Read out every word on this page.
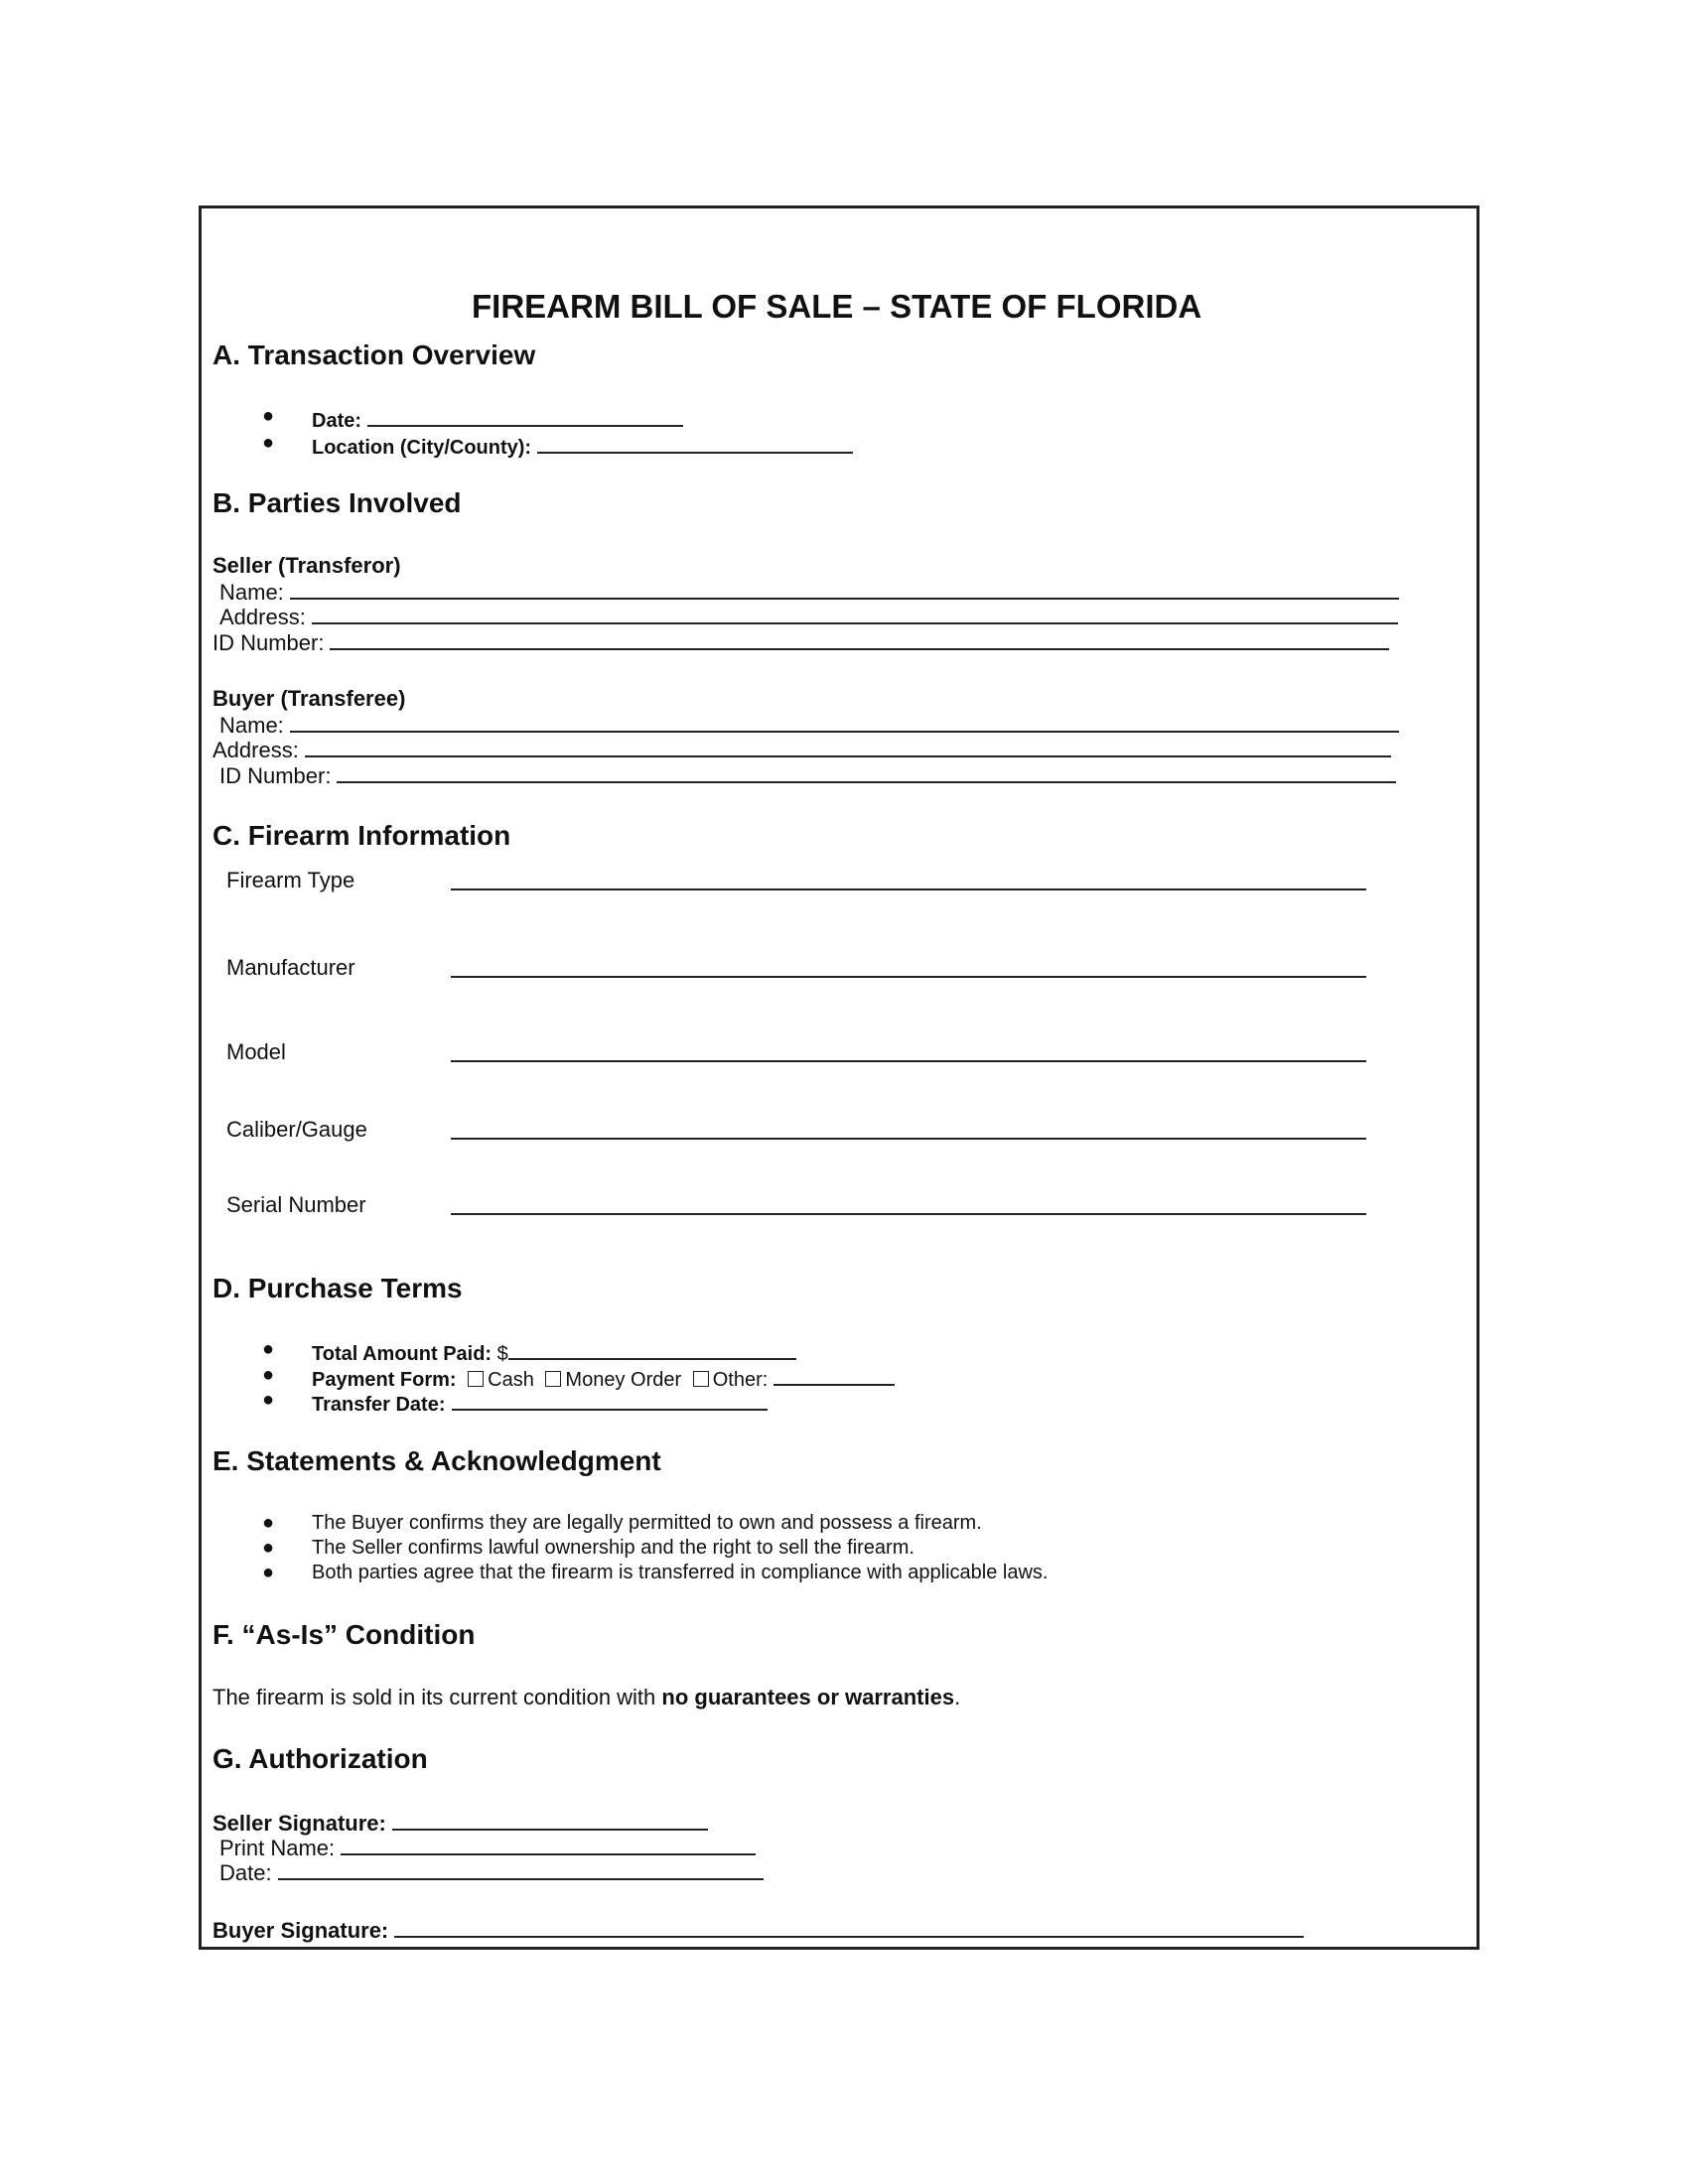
FIREARM BILL OF SALE – STATE OF FLORIDA
A. Transaction Overview
● Date:
● Location (City/County):
B. Parties Involved
Seller (Transferor)
Name:
Address:
ID Number:
Buyer (Transferee)
Name:
Address:
ID Number:
C. Firearm Information
Firearm Type
Manufacturer
Model
Caliber/Gauge
Serial Number
D. Purchase Terms
● Total Amount Paid: $
● Payment Form: Cash Money Order Other:
● Transfer Date:
E. Statements & Acknowledgment
● The Buyer confirms they are legally permitted to own and possess a firearm.
● The Seller confirms lawful ownership and the right to sell the firearm.
● Both parties agree that the firearm is transferred in compliance with applicable laws.
F. “As-Is” Condition
The firearm is sold in its current condition with no guarantees or warranties.
G. Authorization
Seller Signature:
Print Name:
Date:
Buyer Signature:
